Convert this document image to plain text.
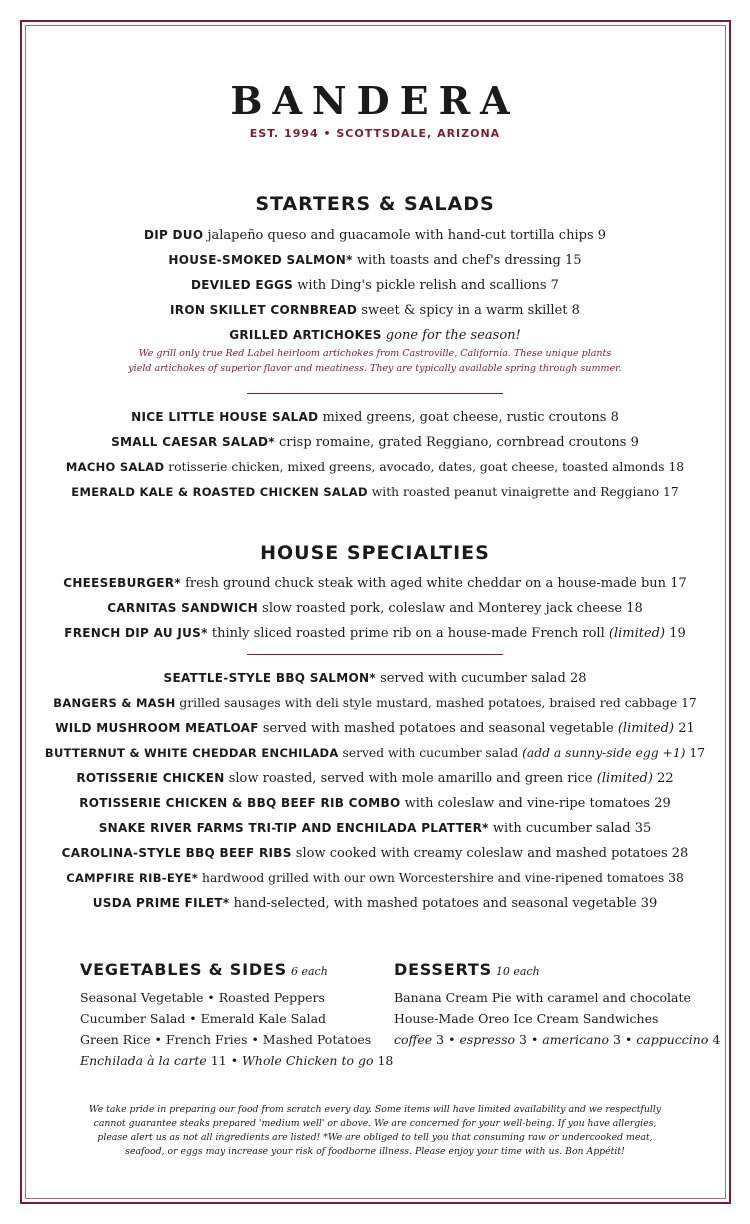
BANDERA
EST. 1994 • SCOTTSDALE, ARIZONA
STARTERS & SALADS
DIP DUO jalapeño queso and guacamole with hand-cut tortilla chips 9
HOUSE-SMOKED SALMON* with toasts and chef's dressing 15
DEVILED EGGS with Ding's pickle relish and scallions 7
IRON SKILLET CORNBREAD sweet & spicy in a warm skillet 8
GRILLED ARTICHOKES gone for the season!
We grill only true Red Label heirloom artichokes from Castroville, California. These unique plants
yield artichokes of superior flavor and meatiness. They are typically available spring through summer.
NICE LITTLE HOUSE SALAD mixed greens, goat cheese, rustic croutons 8
SMALL CAESAR SALAD* crisp romaine, grated Reggiano, cornbread croutons 9
MACHO SALAD rotisserie chicken, mixed greens, avocado, dates, goat cheese, toasted almonds 18
EMERALD KALE & ROASTED CHICKEN SALAD with roasted peanut vinaigrette and Reggiano 17
HOUSE SPECIALTIES
CHEESEBURGER* fresh ground chuck steak with aged white cheddar on a house-made bun 17
CARNITAS SANDWICH slow roasted pork, coleslaw and Monterey jack cheese 18
FRENCH DIP AU JUS* thinly sliced roasted prime rib on a house-made French roll (limited) 19
SEATTLE-STYLE BBQ SALMON* served with cucumber salad 28
BANGERS & MASH grilled sausages with deli style mustard, mashed potatoes, braised red cabbage 17
WILD MUSHROOM MEATLOAF served with mashed potatoes and seasonal vegetable (limited) 21
BUTTERNUT & WHITE CHEDDAR ENCHILADA served with cucumber salad (add a sunny-side egg +1) 17
ROTISSERIE CHICKEN slow roasted, served with mole amarillo and green rice (limited) 22
ROTISSERIE CHICKEN & BBQ BEEF RIB COMBO with coleslaw and vine-ripe tomatoes 29
SNAKE RIVER FARMS TRI-TIP AND ENCHILADA PLATTER* with cucumber salad 35
CAROLINA-STYLE BBQ BEEF RIBS slow cooked with creamy coleslaw and mashed potatoes 28
CAMPFIRE RIB-EYE* hardwood grilled with our own Worcestershire and vine-ripened tomatoes 38
USDA PRIME FILET* hand-selected, with mashed potatoes and seasonal vegetable 39
VEGETABLES & SIDES 6 each
Seasonal Vegetable • Roasted Peppers
Cucumber Salad • Emerald Kale Salad
Green Rice • French Fries • Mashed Potatoes
Enchilada à la carte 11 • Whole Chicken to go 18
DESSERTS 10 each
Banana Cream Pie with caramel and chocolate
House-Made Oreo Ice Cream Sandwiches
coffee 3 • espresso 3 • americano 3 • cappuccino 4
We take pride in preparing our food from scratch every day. Some items will have limited availability and we respectfully
cannot guarantee steaks prepared 'medium well' or above. We are concerned for your well-being. If you have allergies,
please alert us as not all ingredients are listed! *We are obliged to tell you that consuming raw or undercooked meat,
seafood, or eggs may increase your risk of foodborne illness. Please enjoy your time with us. Bon Appétit!
